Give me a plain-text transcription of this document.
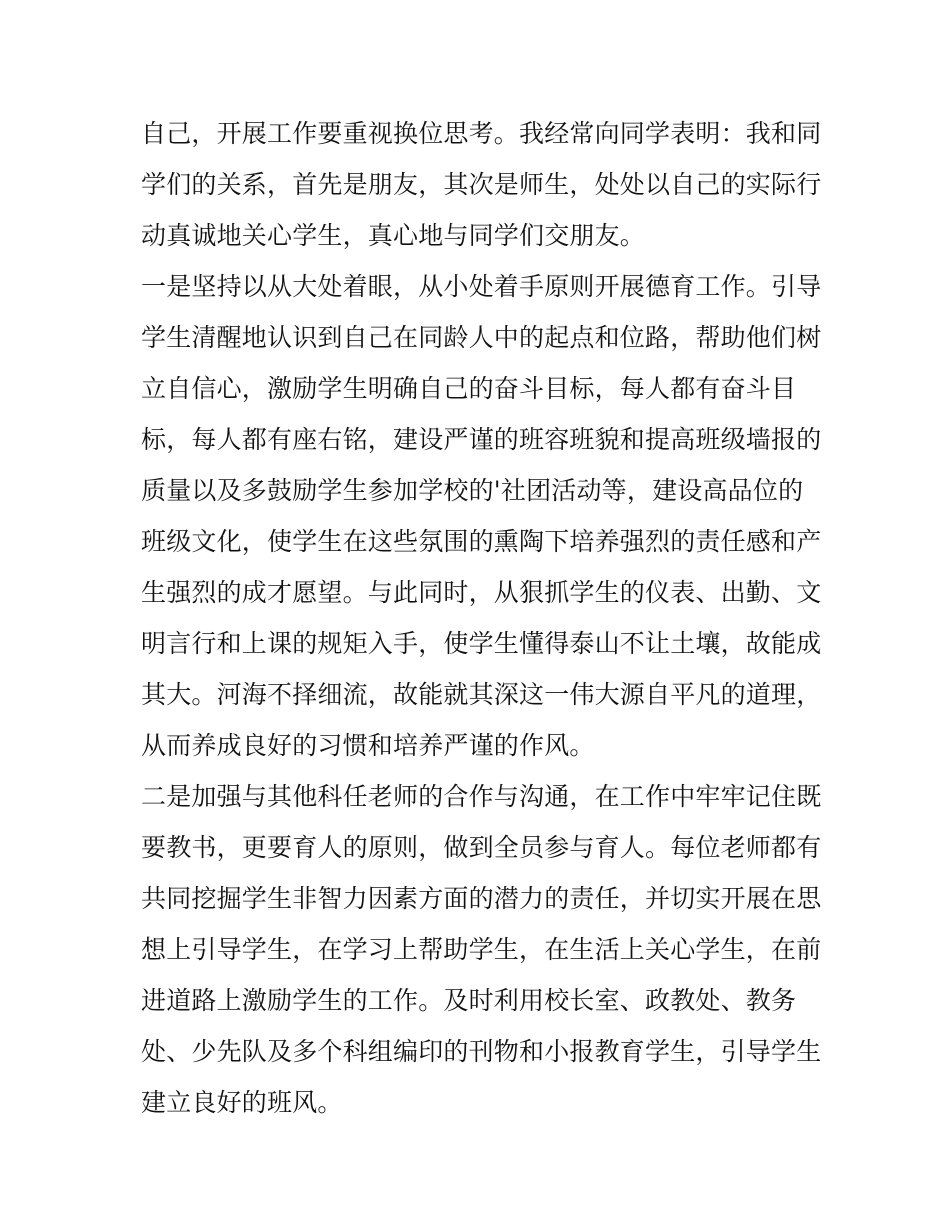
自己，开展工作要重视换位思考。我经常向同学表明：我和同
学们的关系，首先是朋友，其次是师生，处处以自己的实际行
动真诚地关心学生，真心地与同学们交朋友。
一是坚持以从大处着眼，从小处着手原则开展德育工作。引导
学生清醒地认识到自己在同龄人中的起点和位路，帮助他们树
立自信心，激励学生明确自己的奋斗目标，每人都有奋斗目
标，每人都有座右铭，建设严谨的班容班貌和提高班级墙报的
质量以及多鼓励学生参加学校的'社团活动等，建设高品位的
班级文化，使学生在这些氛围的熏陶下培养强烈的责任感和产
生强烈的成才愿望。与此同时，从狠抓学生的仪表、出勤、文
明言行和上课的规矩入手，使学生懂得泰山不让土壤，故能成
其大。河海不择细流，故能就其深这一伟大源自平凡的道理，
从而养成良好的习惯和培养严谨的作风。
二是加强与其他科任老师的合作与沟通，在工作中牢牢记住既
要教书，更要育人的原则，做到全员参与育人。每位老师都有
共同挖掘学生非智力因素方面的潜力的责任，并切实开展在思
想上引导学生，在学习上帮助学生，在生活上关心学生，在前
进道路上激励学生的工作。及时利用校长室、政教处、教务
处、少先队及多个科组编印的刊物和小报教育学生，引导学生
建立良好的班风。
